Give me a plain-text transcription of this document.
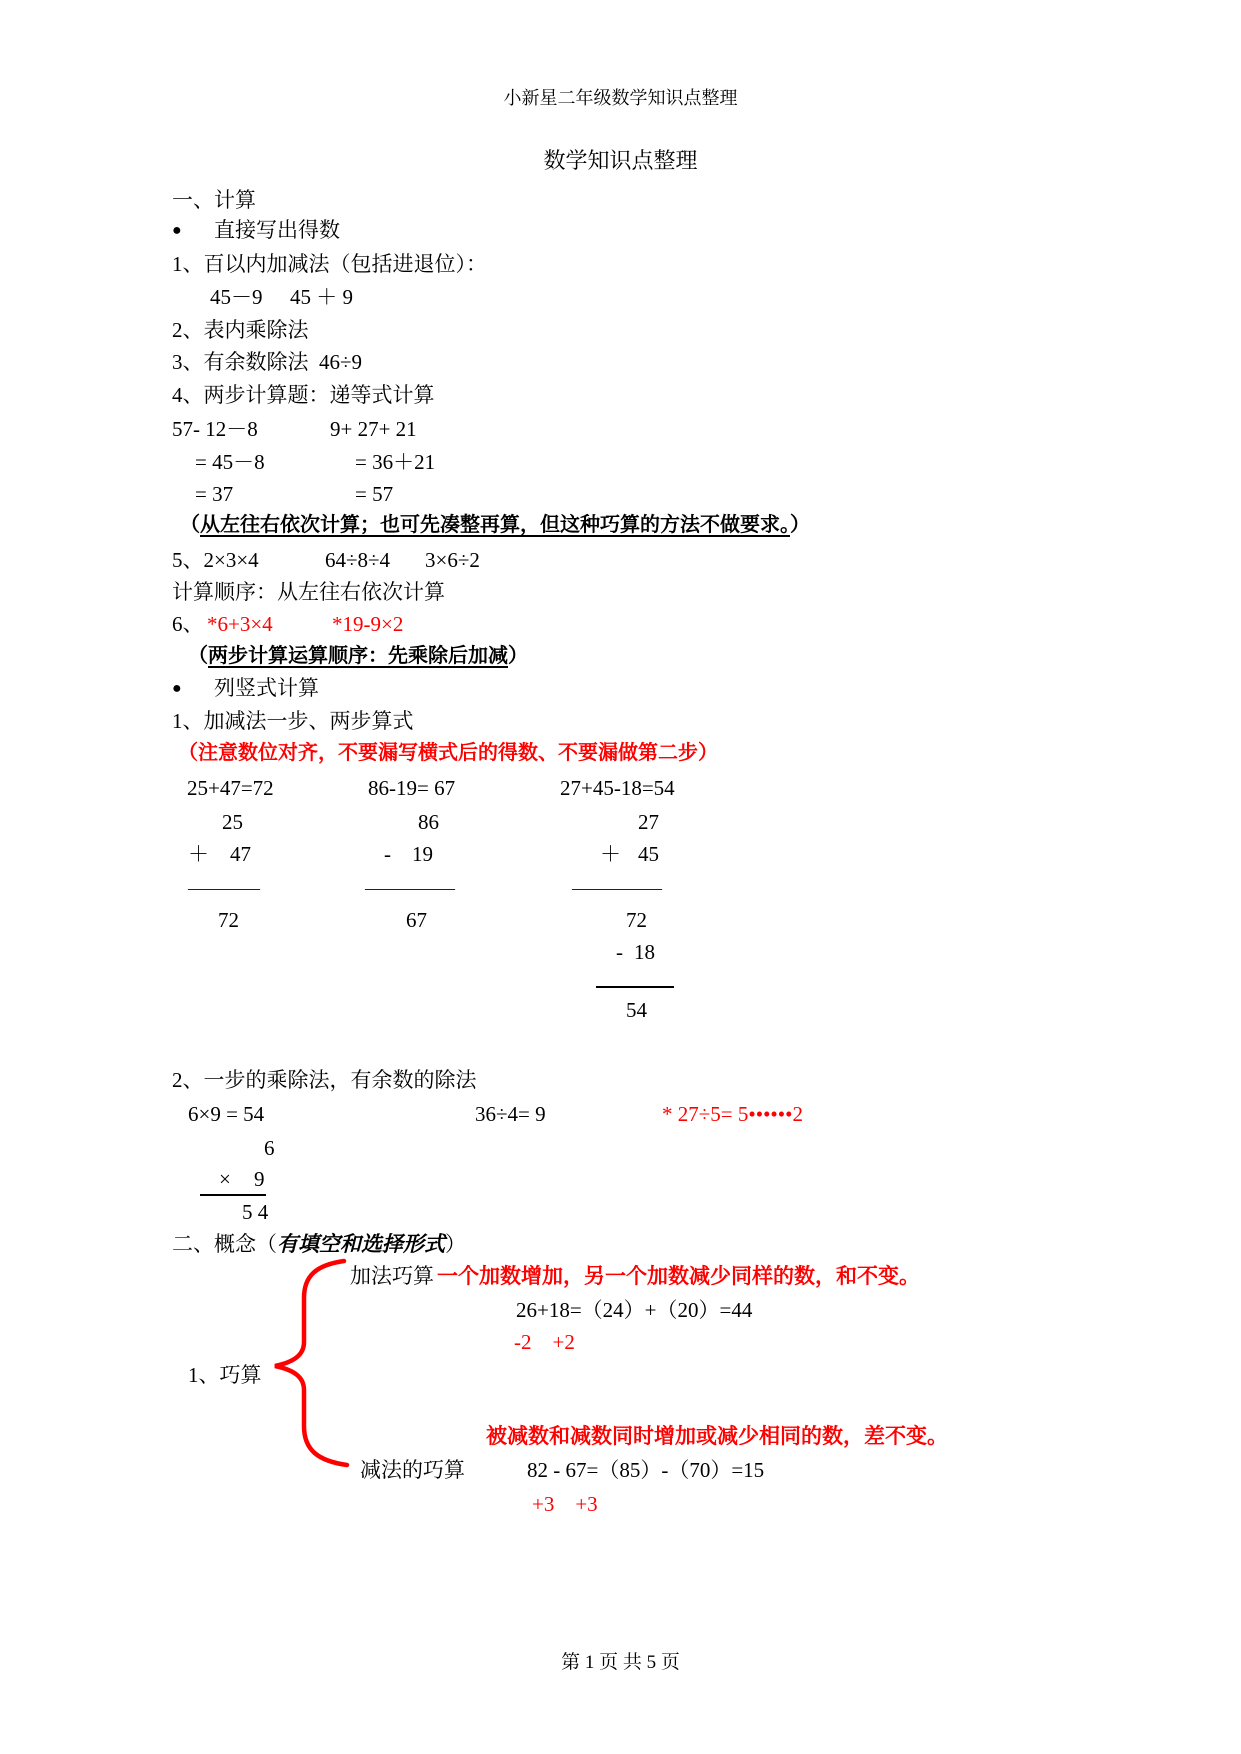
小新星二年级数学知识点整理
数学知识点整理
一、计算
● 直接写出得数
1、百以内加减法（包括进退位）：
45－9 45 ＋ 9
2、表内乘除法
3、有余数除法  46÷9
4、两步计算题：递等式计算
57- 12－8	9+ 27+ 21
= 45－8	= 36＋21
= 37	= 57
（从左往右依次计算；也可先凑整再算，但这种巧算的方法不做要求。）
5、2×3×4	64÷8÷4 3×6÷2
计算顺序：从左往右依次计算
6、 *6+3×4	*19-9×2
（两步计算运算顺序：先乘除后加减）
● 列竖式计算
1、加减法一步、两步算式
（注意数位对齐，不要漏写横式后的得数、不要漏做第二步）
25+47=72	86-19= 67	27+45-18=54
25	86	27
＋ 47	- 19	＋ 45
————	—————	—————
72	67	72
- 18
54
2、一步的乘除法，有余数的除法
6×9 = 54	36÷4= 9	* 27÷5= 5••••••2
6
× 9
5 4
二、概念（有填空和选择形式）
加法巧算 一个加数增加，另一个加数减少同样的数，和不变。
26+18=（24）+（20）=44
-2    +2
1、巧算
被减数和减数同时增加或减少相同的数，差不变。
减法的巧算	82 - 67=（85）-（70）=15
+3    +3
第 1 页 共 5 页
